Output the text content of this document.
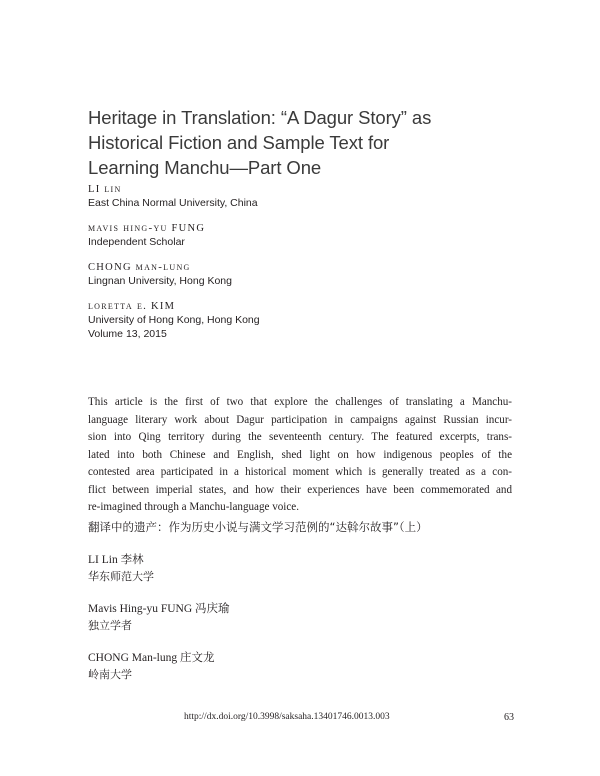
Heritage in Translation: “A Dagur Story” as
Historical Fiction and Sample Text for
Learning Manchu—Part One
LI lin
East China Normal University, China
mavis hing-yu FUNG
Independent Scholar
CHONG man-lung
Lingnan University, Hong Kong
loretta e. KIM
University of Hong Kong, Hong Kong
Volume 13, 2015
This article is the first of two that explore the challenges of translating a Manchu-
language literary work about Dagur participation in campaigns against Russian incur-
sion into Qing territory during the seventeenth century. The featured excerpts, trans-
lated into both Chinese and English, shed light on how indigenous peoples of the
contested area participated in a historical moment which is generally treated as a con-
flict between imperial states, and how their experiences have been commemorated and
re-imagined through a Manchu-language voice.
翻译中的遗产：作为历史小说与满文学习范例的“达斡尔故事”（上）
LI Lin 李林
华东师范大学
Mavis Hing-yu FUNG 冯庆瑜
独立学者
CHONG Man-lung 庄文龙
岭南大学
http://dx.doi.org/10.3998/saksaha.13401746.0013.003	63
